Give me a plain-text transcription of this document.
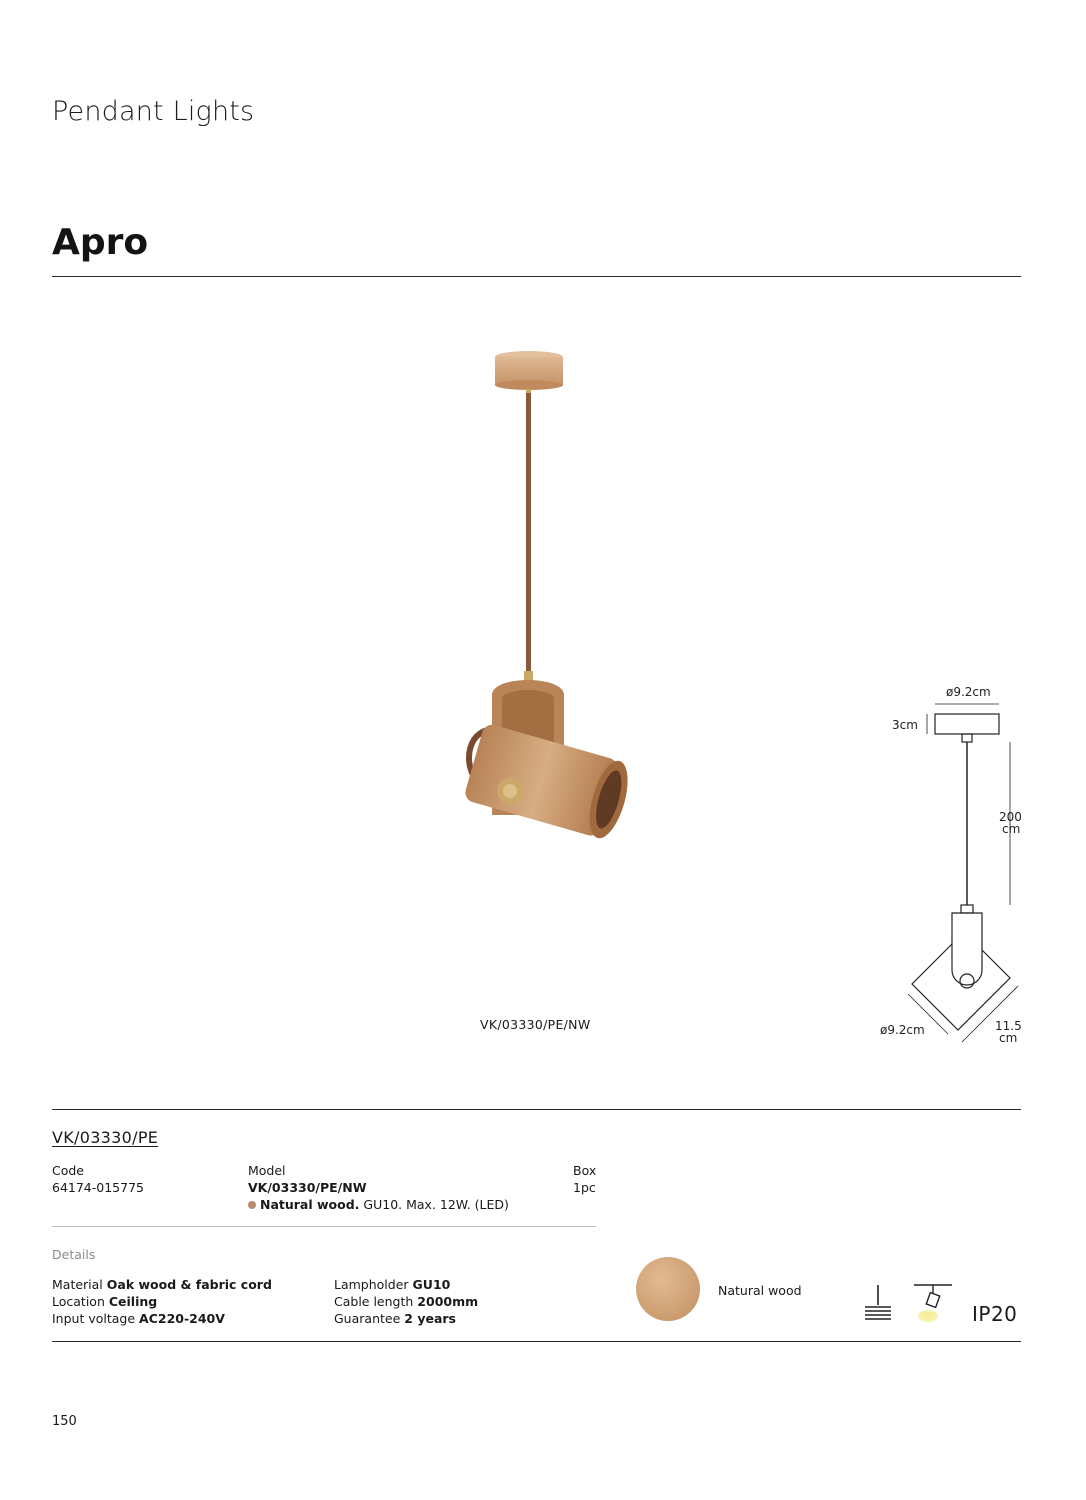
Pendant Lights
Apro
VK/03330/PE/NW
ø9.2cm
3cm
200
cm
ø9.2cm	11.5
cm
VK/03330/PE
Code
64174-015775
Model
VK/03330/PE/NW
Natural wood. GU10. Max. 12W. (LED)
Box
1pc
Details
Material Oak wood & fabric cord
Location Ceiling
Input voltage AC220-240V
Lampholder GU10
Cable length 2000mm
Guarantee 2 years
Natural wood
IP20
150
